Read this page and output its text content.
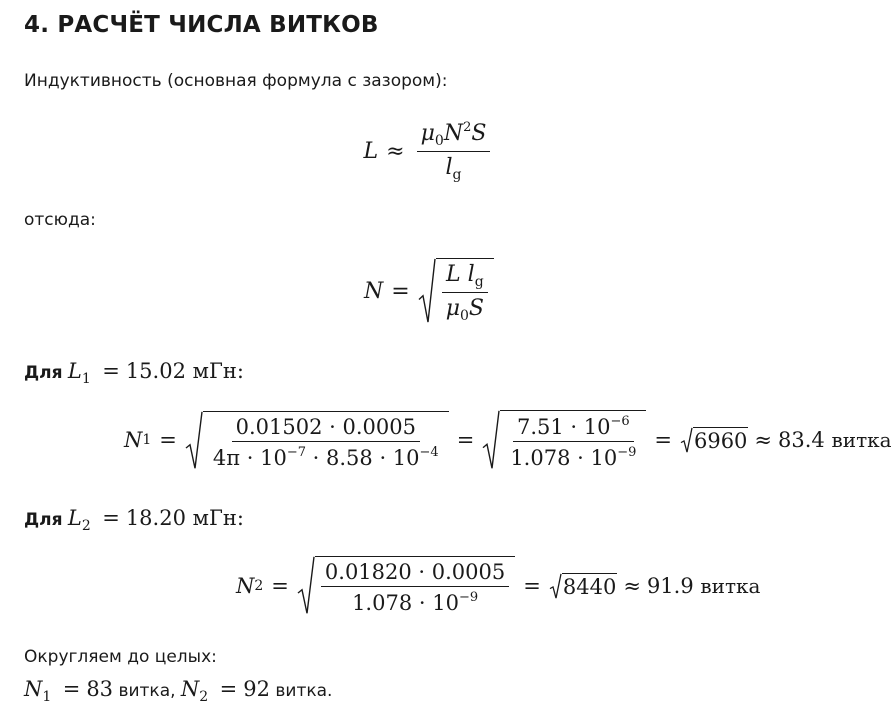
4. РАСЧЁТ ЧИСЛА ВИТКОВ
Индуктивность (основная формула с зазором):
$L \approx \frac{\mu_0N^2S}{l_g}$
отсюда:
$N = \frac{L l_g}{\mu_0S}$
Для $L_1 = 15.02$ мГн:
N $1 = \frac{0.01502 \cdot 0.0005}{4\pi \cdot 10^{-7} \cdot 8.58 \cdot 10^{-4}} = \frac{7.51 \cdot 10^{-6}}{1.078 \cdot 10^{-9}} = 6960 \approx 83.4$
витка
Для $L_2 = 18.20$ мГн:
N $2 = \frac{0.01820 \cdot 0.0005}{1.078 \cdot 10^{-9}} = 8440 \approx 91.9$
витка
Округляем до целых:
$N_1 = 83$ витка, $N_2 = 92$ витка.
